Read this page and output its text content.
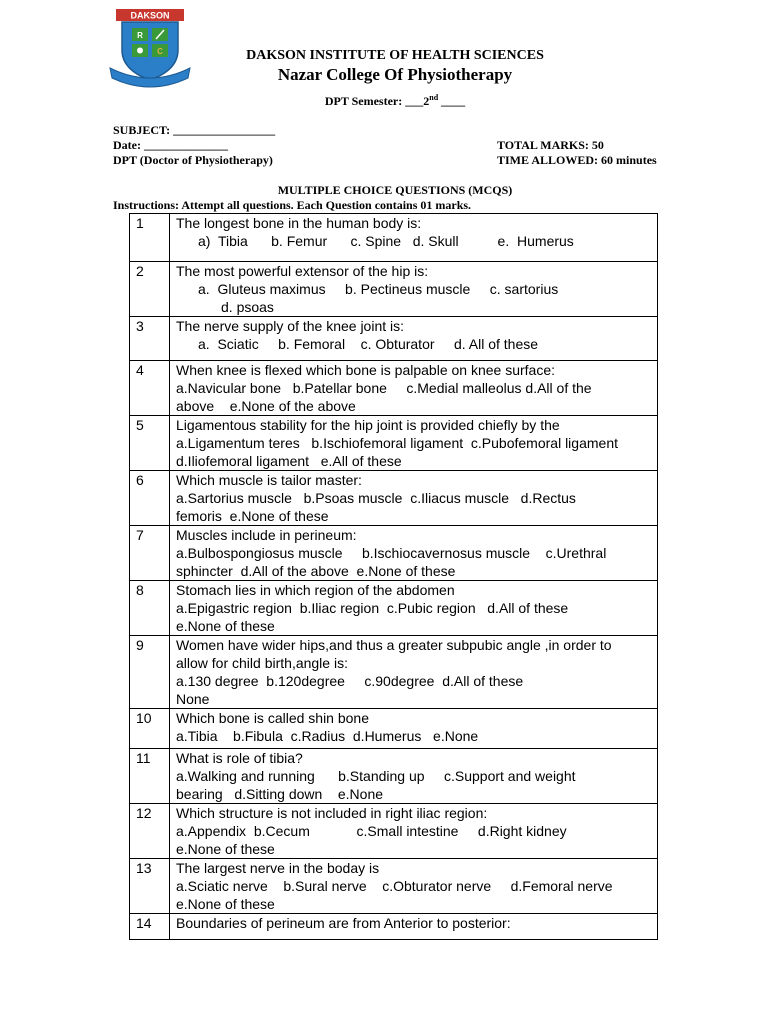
DAKSON
R
C	DAKSON INSTITUTE OF HEALTH SCIENCES
Nazar College Of Physiotherapy
DPT Semester: ___2nd ____
SUBJECT: _________________
Date: ______________
DPT (Doctor of Physiotherapy)
TOTAL MARKS: 50
TIME ALLOWED: 60 minutes
MULTIPLE CHOICE QUESTIONS (MCQS)
Instructions: Attempt all questions. Each Question contains 01 marks.
1	The longest bone in the human body is:
a)  Tibia      b. Femur      c. Spine   d. Skull          e.  Humerus

2	The most powerful extensor of the hip is:
a.  Gluteus maximus     b. Pectineus muscle     c. sartorius
d. psoas

3	The nerve supply of the knee joint is:
a.  Sciatic     b. Femoral    c. Obturator     d. All of these

4	When knee is flexed which bone is palpable on knee surface:
a.Navicular bone   b.Patellar bone     c.Medial malleolus d.All of the
above    e.None of the above

5	Ligamentous stability for the hip joint is provided chiefly by the
a.Ligamentum teres   b.Ischiofemoral ligament  c.Pubofemoral ligament
d.Iliofemoral ligament   e.All of these

6	Which muscle is tailor master:
a.Sartorius muscle   b.Psoas muscle  c.Iliacus muscle   d.Rectus
femoris  e.None of these

7	Muscles include in perineum:
a.Bulbospongiosus muscle     b.Ischiocavernosus muscle    c.Urethral
sphincter  d.All of the above  e.None of these

8	Stomach lies in which region of the abdomen
a.Epigastric region  b.Iliac region  c.Pubic region   d.All of these
e.None of these

9	Women have wider hips,and thus a greater subpubic angle ,in order to
allow for child birth,angle is:
a.130 degree  b.120degree     c.90degree  d.All of these
None

10	Which bone is called shin bone
a.Tibia    b.Fibula  c.Radius  d.Humerus   e.None

11	What is role of tibia?
a.Walking and running      b.Standing up     c.Support and weight
bearing   d.Sitting down    e.None

12	Which structure is not included in right iliac region:
a.Appendix  b.Cecum            c.Small intestine     d.Right kidney
e.None of these

13	The largest nerve in the boday is
a.Sciatic nerve    b.Sural nerve    c.Obturator nerve     d.Femoral nerve
e.None of these

14	Boundaries of perineum are from Anterior to posterior:
